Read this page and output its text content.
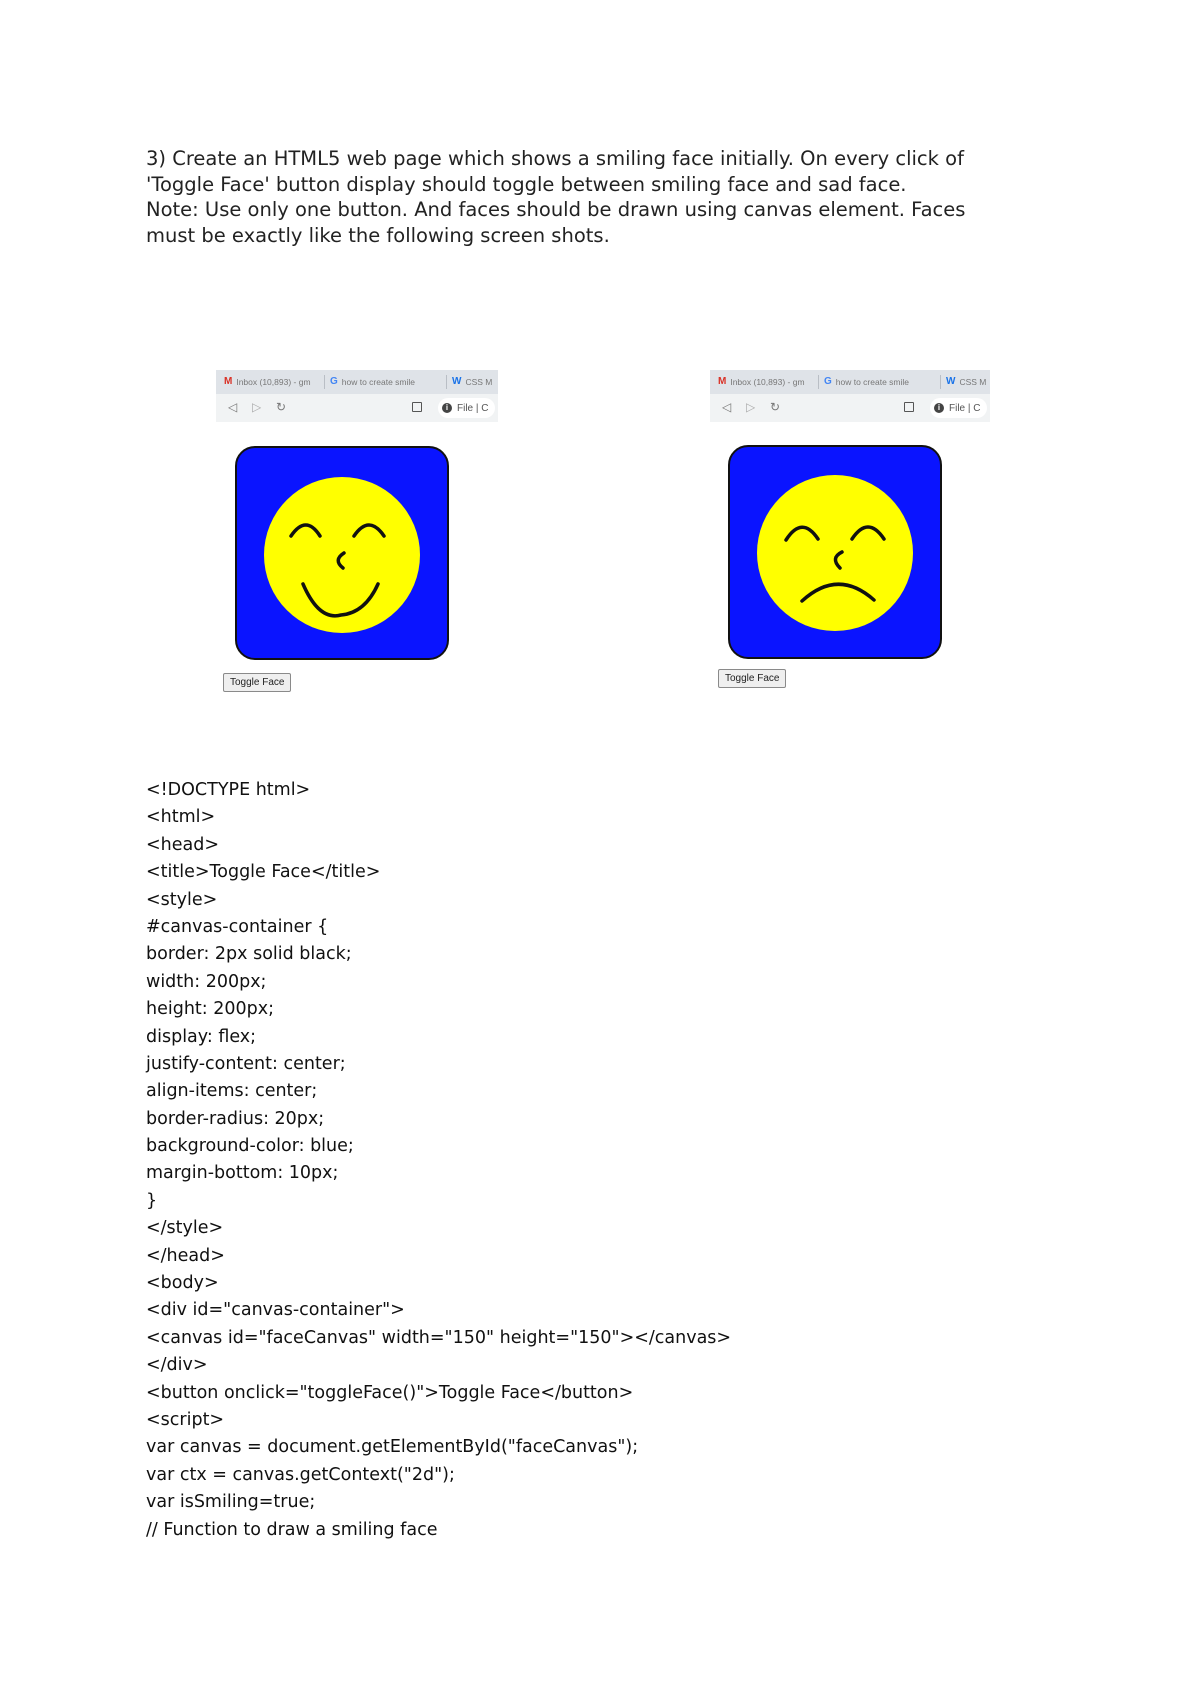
3) Create an HTML5 web page which shows a smiling face initially. On every click of 'Toggle Face' button display should toggle between smiling face and sad face.

Note: Use only one button. And faces should be drawn using canvas element. Faces must be exactly like the following screen shots.

M Inbox (10,893) - gm G how to create smile	W CSS M
◁ ▷ ↻	i File | C
Toggle Face
M Inbox (10,893) - gm G how to create smile	W CSS M
◁ ▷ ↻	i File | C
Toggle Face
<!DOCTYPE html>
<html>
<head>
<title>Toggle Face</title>
<style>
#canvas-container {
border: 2px solid black;
width: 200px;
height: 200px;
display: flex;
justify-content: center;
align-items: center;
border-radius: 20px;
background-color: blue;
margin-bottom: 10px;
}
</style>
</head>
<body>
<div id="canvas-container">
<canvas id="faceCanvas" width="150" height="150"></canvas>
</div>
<button onclick="toggleFace()">Toggle Face</button>
<script>
var canvas = document.getElementById("faceCanvas");
var ctx = canvas.getContext("2d");
var isSmiling=true;
// Function to draw a smiling face
